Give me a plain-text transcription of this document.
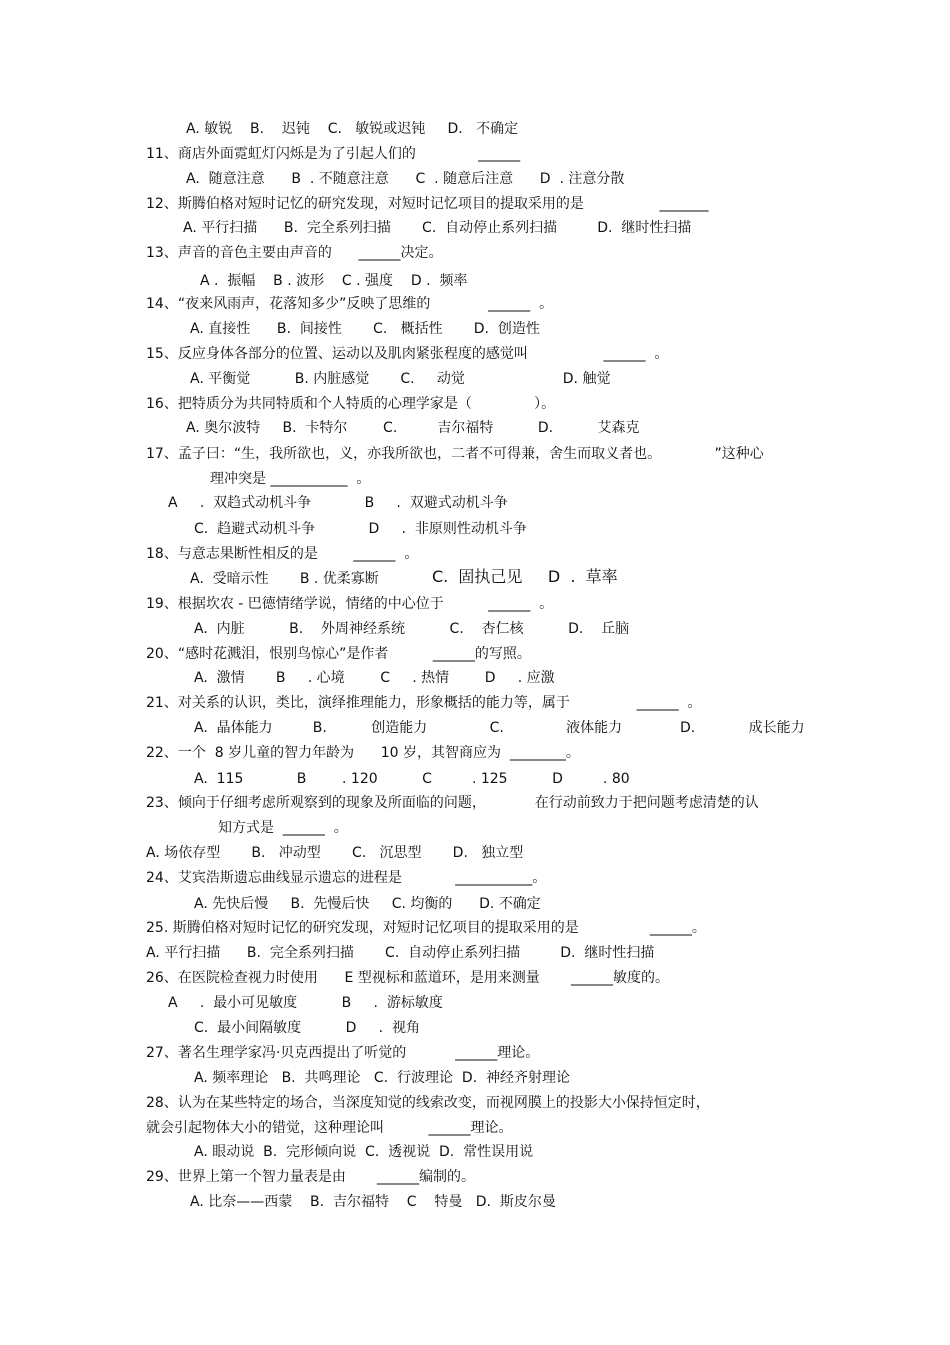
A. 敏锐    B.    迟钝    C.   敏锐或迟钝     D.   不确定
11、商店外面霓虹灯闪烁是为了引起人们的              ______
A.  随意注意      B  . 不随意注意      C  . 随意后注意      D  . 注意分散
12、斯腾伯格对短时记忆的研究发现，对短时记忆项目的提取采用的是                 _______
A. 平行扫描      B.  完全系列扫描       C.  自动停止系列扫描         D.  继时性扫描
13、声音的音色主要由声音的      ______决定。
A .  振幅    B . 波形    C . 强度    D .  频率
14、“夜来风雨声，花落知多少”反映了思维的             ______  。
A. 直接性      B.  间接性       C.   概括性       D.  创造性
15、反应身体各部分的位置、运动以及肌肉紧张程度的感觉叫                 ______  。
A. 平衡觉          B. 内脏感觉       C.     动觉                      D. 触觉
16、把特质分为共同特质和个人特质的心理学家是（              ）。
A. 奥尔波特     B.  卡特尔        C.         吉尔福特          D.          艾森克
17、孟子曰：“生，我所欲也，义，亦我所欲也，二者不可得兼，舍生而取义者也。            ”这种心
理冲突是 ___________  。
A     .  双趋式动机斗争            B     .  双避式动机斗争
C.  趋避式动机斗争            D     .  非原则性动机斗争
18、与意志果断性相反的是        ______  。
A.  受暗示性       B . 优柔寡断	C.  固执己见     D  .  草率
19、根据坎农 - 巴德情绪学说，情绪的中心位于          ______  。
A.  内脏          B.    外周神经系统          C.    杏仁核          D.    丘脑
20、“感时花溅泪，恨别鸟惊心”是作者          ______的写照。
A.  激情       B     . 心境        C     . 热情        D     . 应激
21、对关系的认识，类比，演绎推理能力，形象概括的能力等，属于               ______  。
A.  晶体能力         B.          创造能力              C.              液体能力             D.            成长能力
22、一个  8 岁儿童的智力年龄为      10 岁，其智商应为  ________。
A.  115            B        . 120          C         . 125          D         . 80
23、倾向于仔细考虑所观察到的现象及所面临的问题，           在行动前致力于把问题考虑清楚的认
知方式是  ______  。
A. 场依存型       B.   冲动型       C.   沉思型       D.   独立型
24、艾宾浩斯遗忘曲线显示遗忘的进程是            ___________。
A. 先快后慢     B.  先慢后快     C. 均衡的      D. 不确定
25. 斯腾伯格对短时记忆的研究发现，对短时记忆项目的提取采用的是                ______。
A. 平行扫描      B.  完全系列扫描       C.  自动停止系列扫描         D.  继时性扫描
26、在医院检查视力时使用      E 型视标和蓝道环，是用来测量       ______敏度的。
A     .  最小可见敏度          B     .  游标敏度
C.  最小间隔敏度          D     .  视角
27、著名生理学家冯·贝克西提出了听觉的           ______理论。
A. 频率理论   B.  共鸣理论   C.  行波理论  D.  神经齐射理论
28、认为在某些特定的场合，当深度知觉的线索改变，而视网膜上的投影大小保持恒定时，
就会引起物体大小的错觉，这种理论叫          ______理论。
A. 眼动说  B.  完形倾向说  C.  透视说  D.  常性误用说
29、世界上第一个智力量表是由       ______编制的。
A. 比奈——西蒙    B.  吉尔福特    C    特曼   D.  斯皮尔曼
